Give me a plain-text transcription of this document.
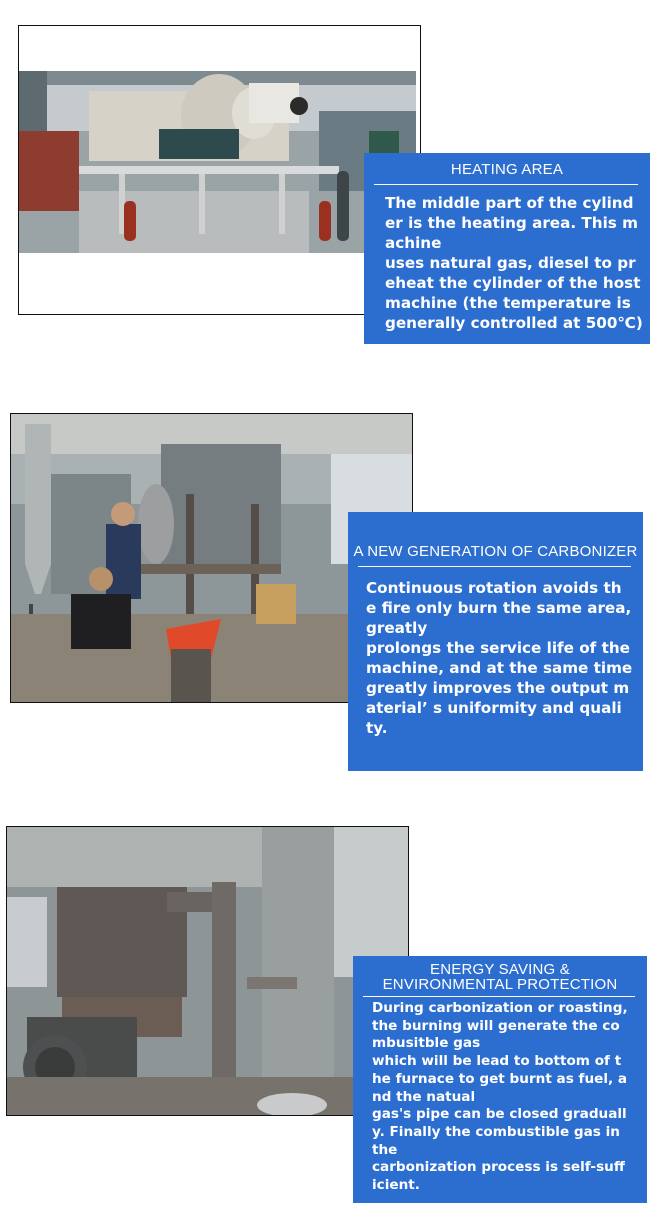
HEATING AREA
The middle part of the cylind
er is the heating area. This m
achine
uses natural gas, diesel to pr
eheat the cylinder of the host
machine (the temperature is
generally controlled at 500℃)
A NEW GENERATION OF CARBONIZER
Continuous rotation avoids th
e fire only burn the same area,
greatly
prolongs the service life of the
machine, and at the same time
greatly improves the output m
aterial’ s uniformity and quali
ty.
ENERGY SAVING &
ENVIRONMENTAL PROTECTION
During carbonization or roasting,
the burning will generate the co
mbusitble gas
which will be lead to bottom of t
he furnace to get burnt as fuel, a
nd the natual
gas's pipe can be closed graduall
y. Finally the combustible gas in
the
carbonization process is self-suff
icient.
